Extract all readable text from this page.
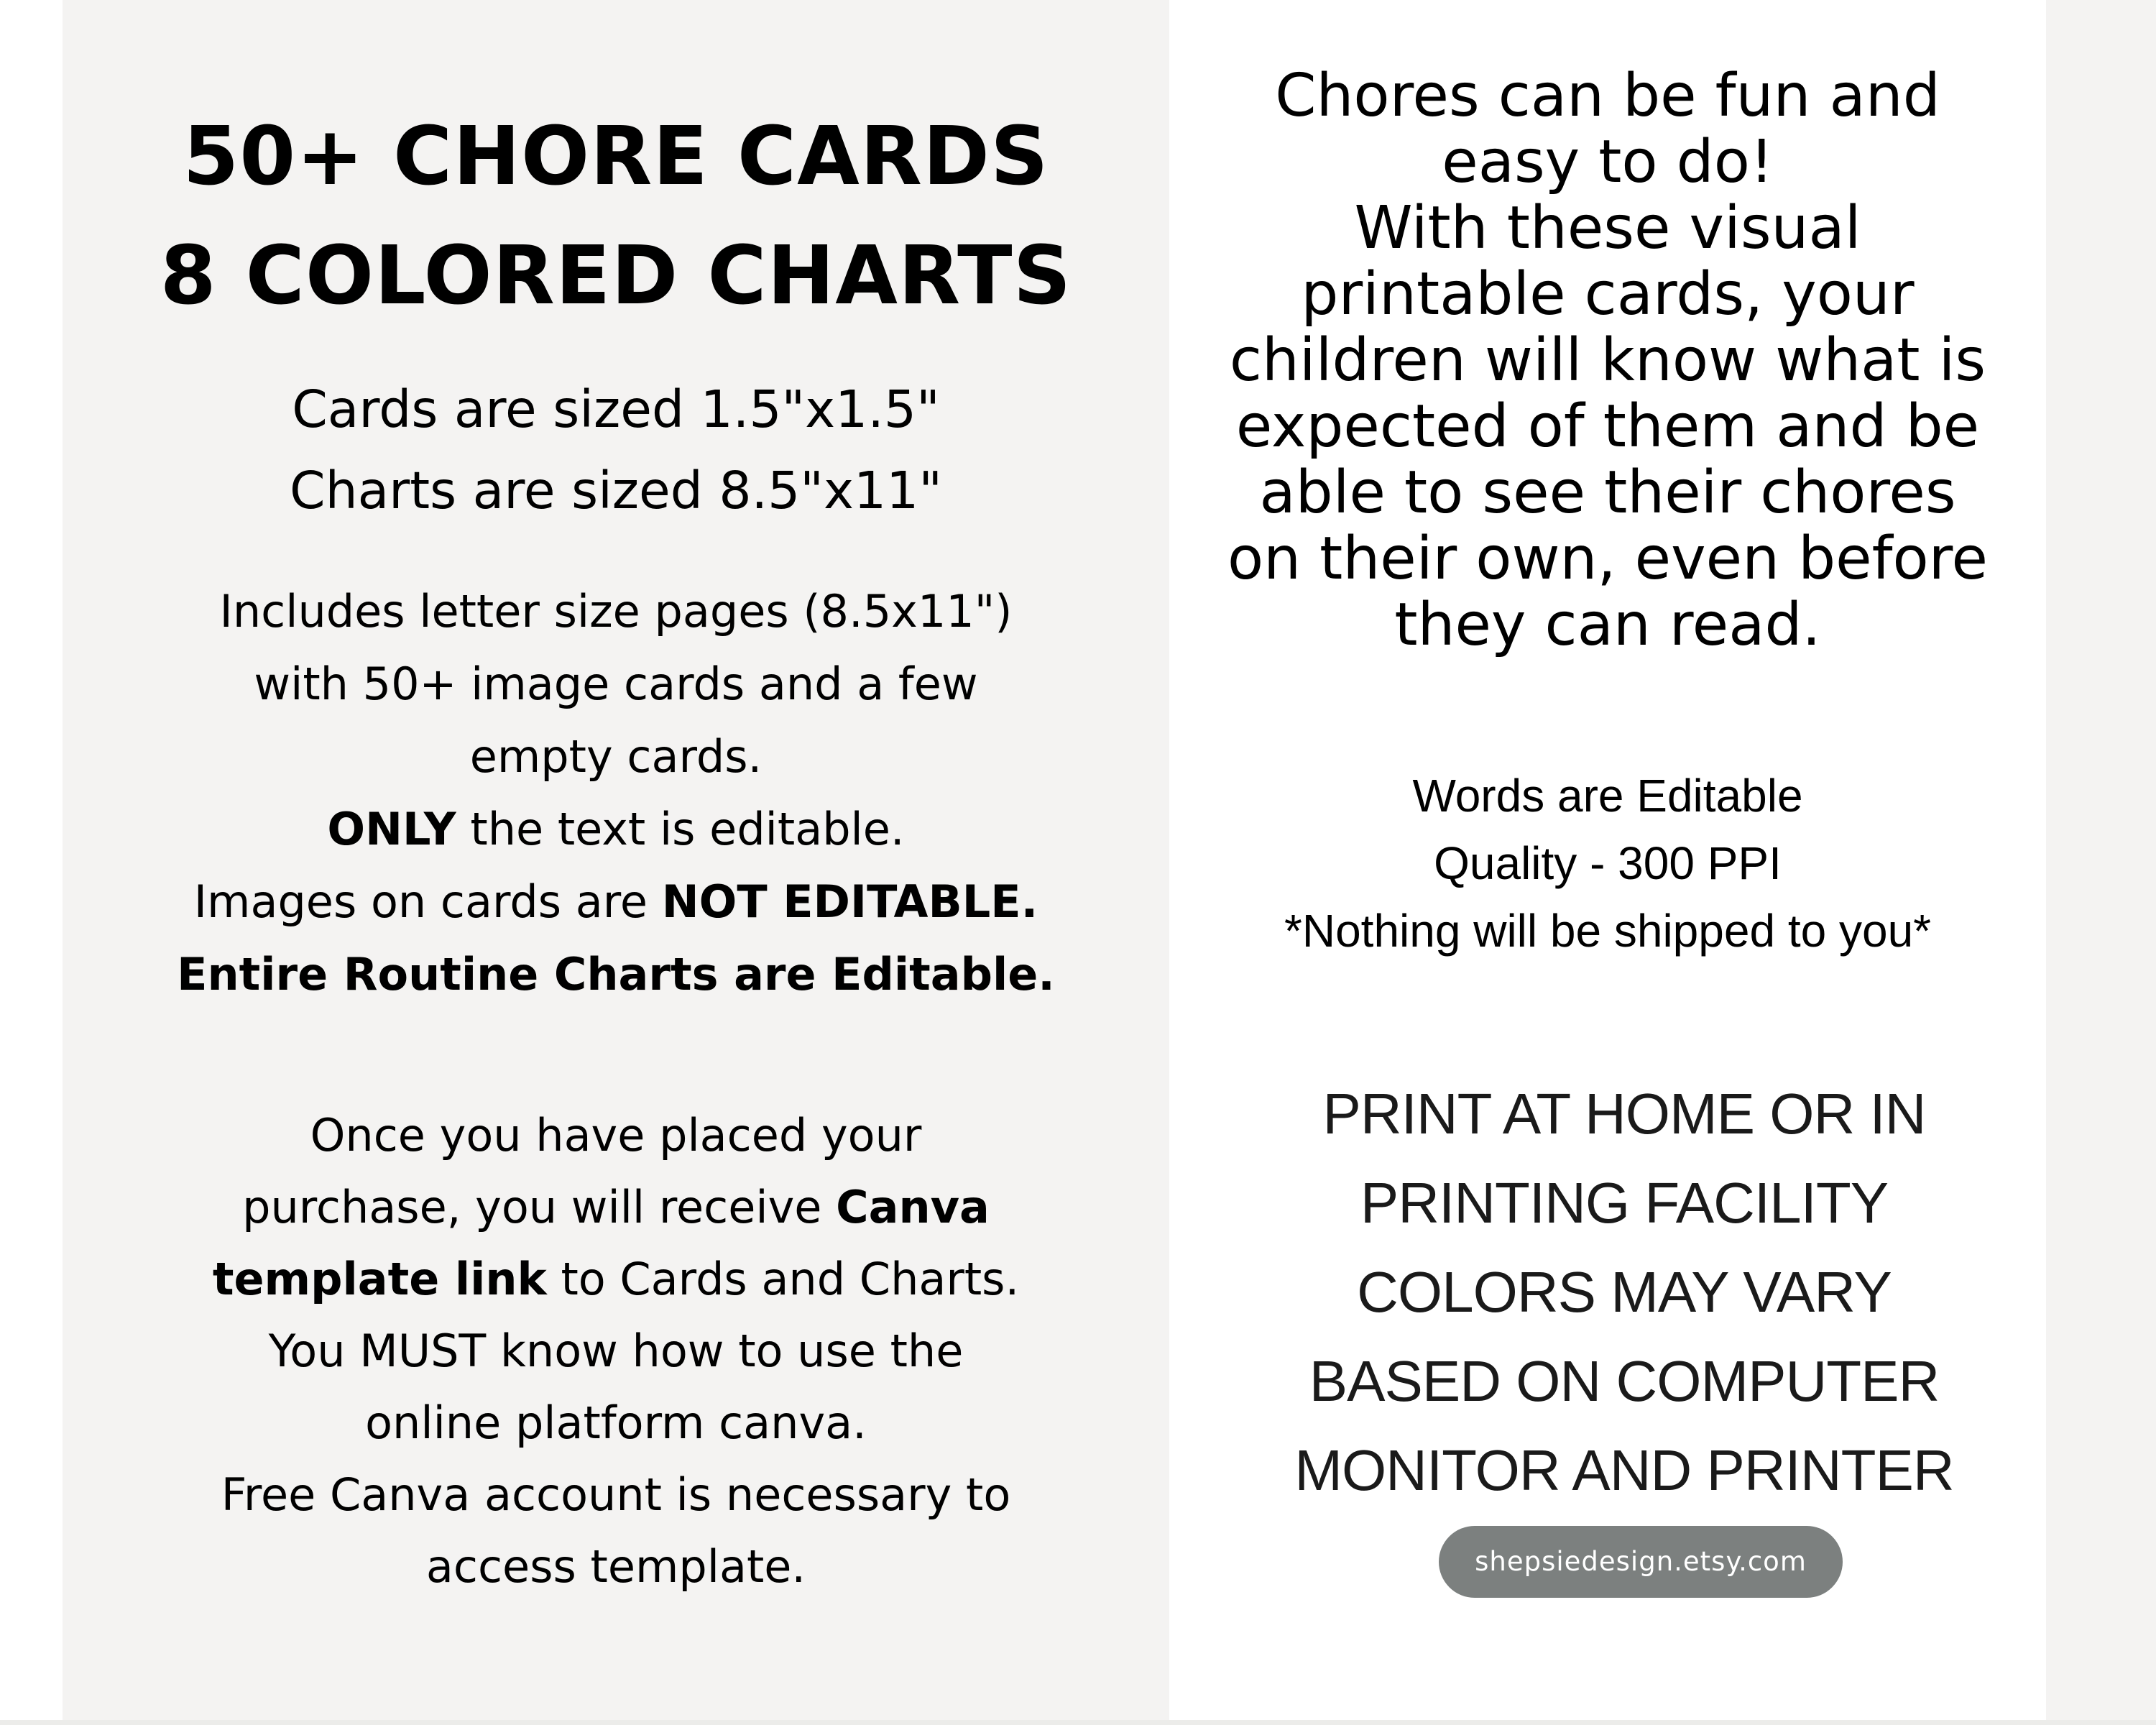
50+ CHORE CARDS
8 COLORED CHARTS
Cards are sized 1.5"x1.5"
Charts are sized 8.5"x11"
Includes letter size pages (8.5x11")
with 50+ image cards and a few
empty cards.
ONLY the text is editable.
Images on cards are NOT EDITABLE.
Entire Routine Charts are Editable.
Once you have placed your
purchase, you will receive Canva
template link to Cards and Charts.
You MUST know how to use the
online platform canva.
Free Canva account is necessary to
access template.
Chores can be fun and
easy to do!
With these visual
printable cards, your
children will know what is
expected of them and be
able to see their chores
on their own, even before
they can read.
Words are Editable
Quality - 300 PPI
*Nothing will be shipped to you*
PRINT AT HOME OR IN
PRINTING FACILITY
COLORS MAY VARY
BASED ON COMPUTER
MONITOR AND PRINTER
shepsiedesign.etsy.com
